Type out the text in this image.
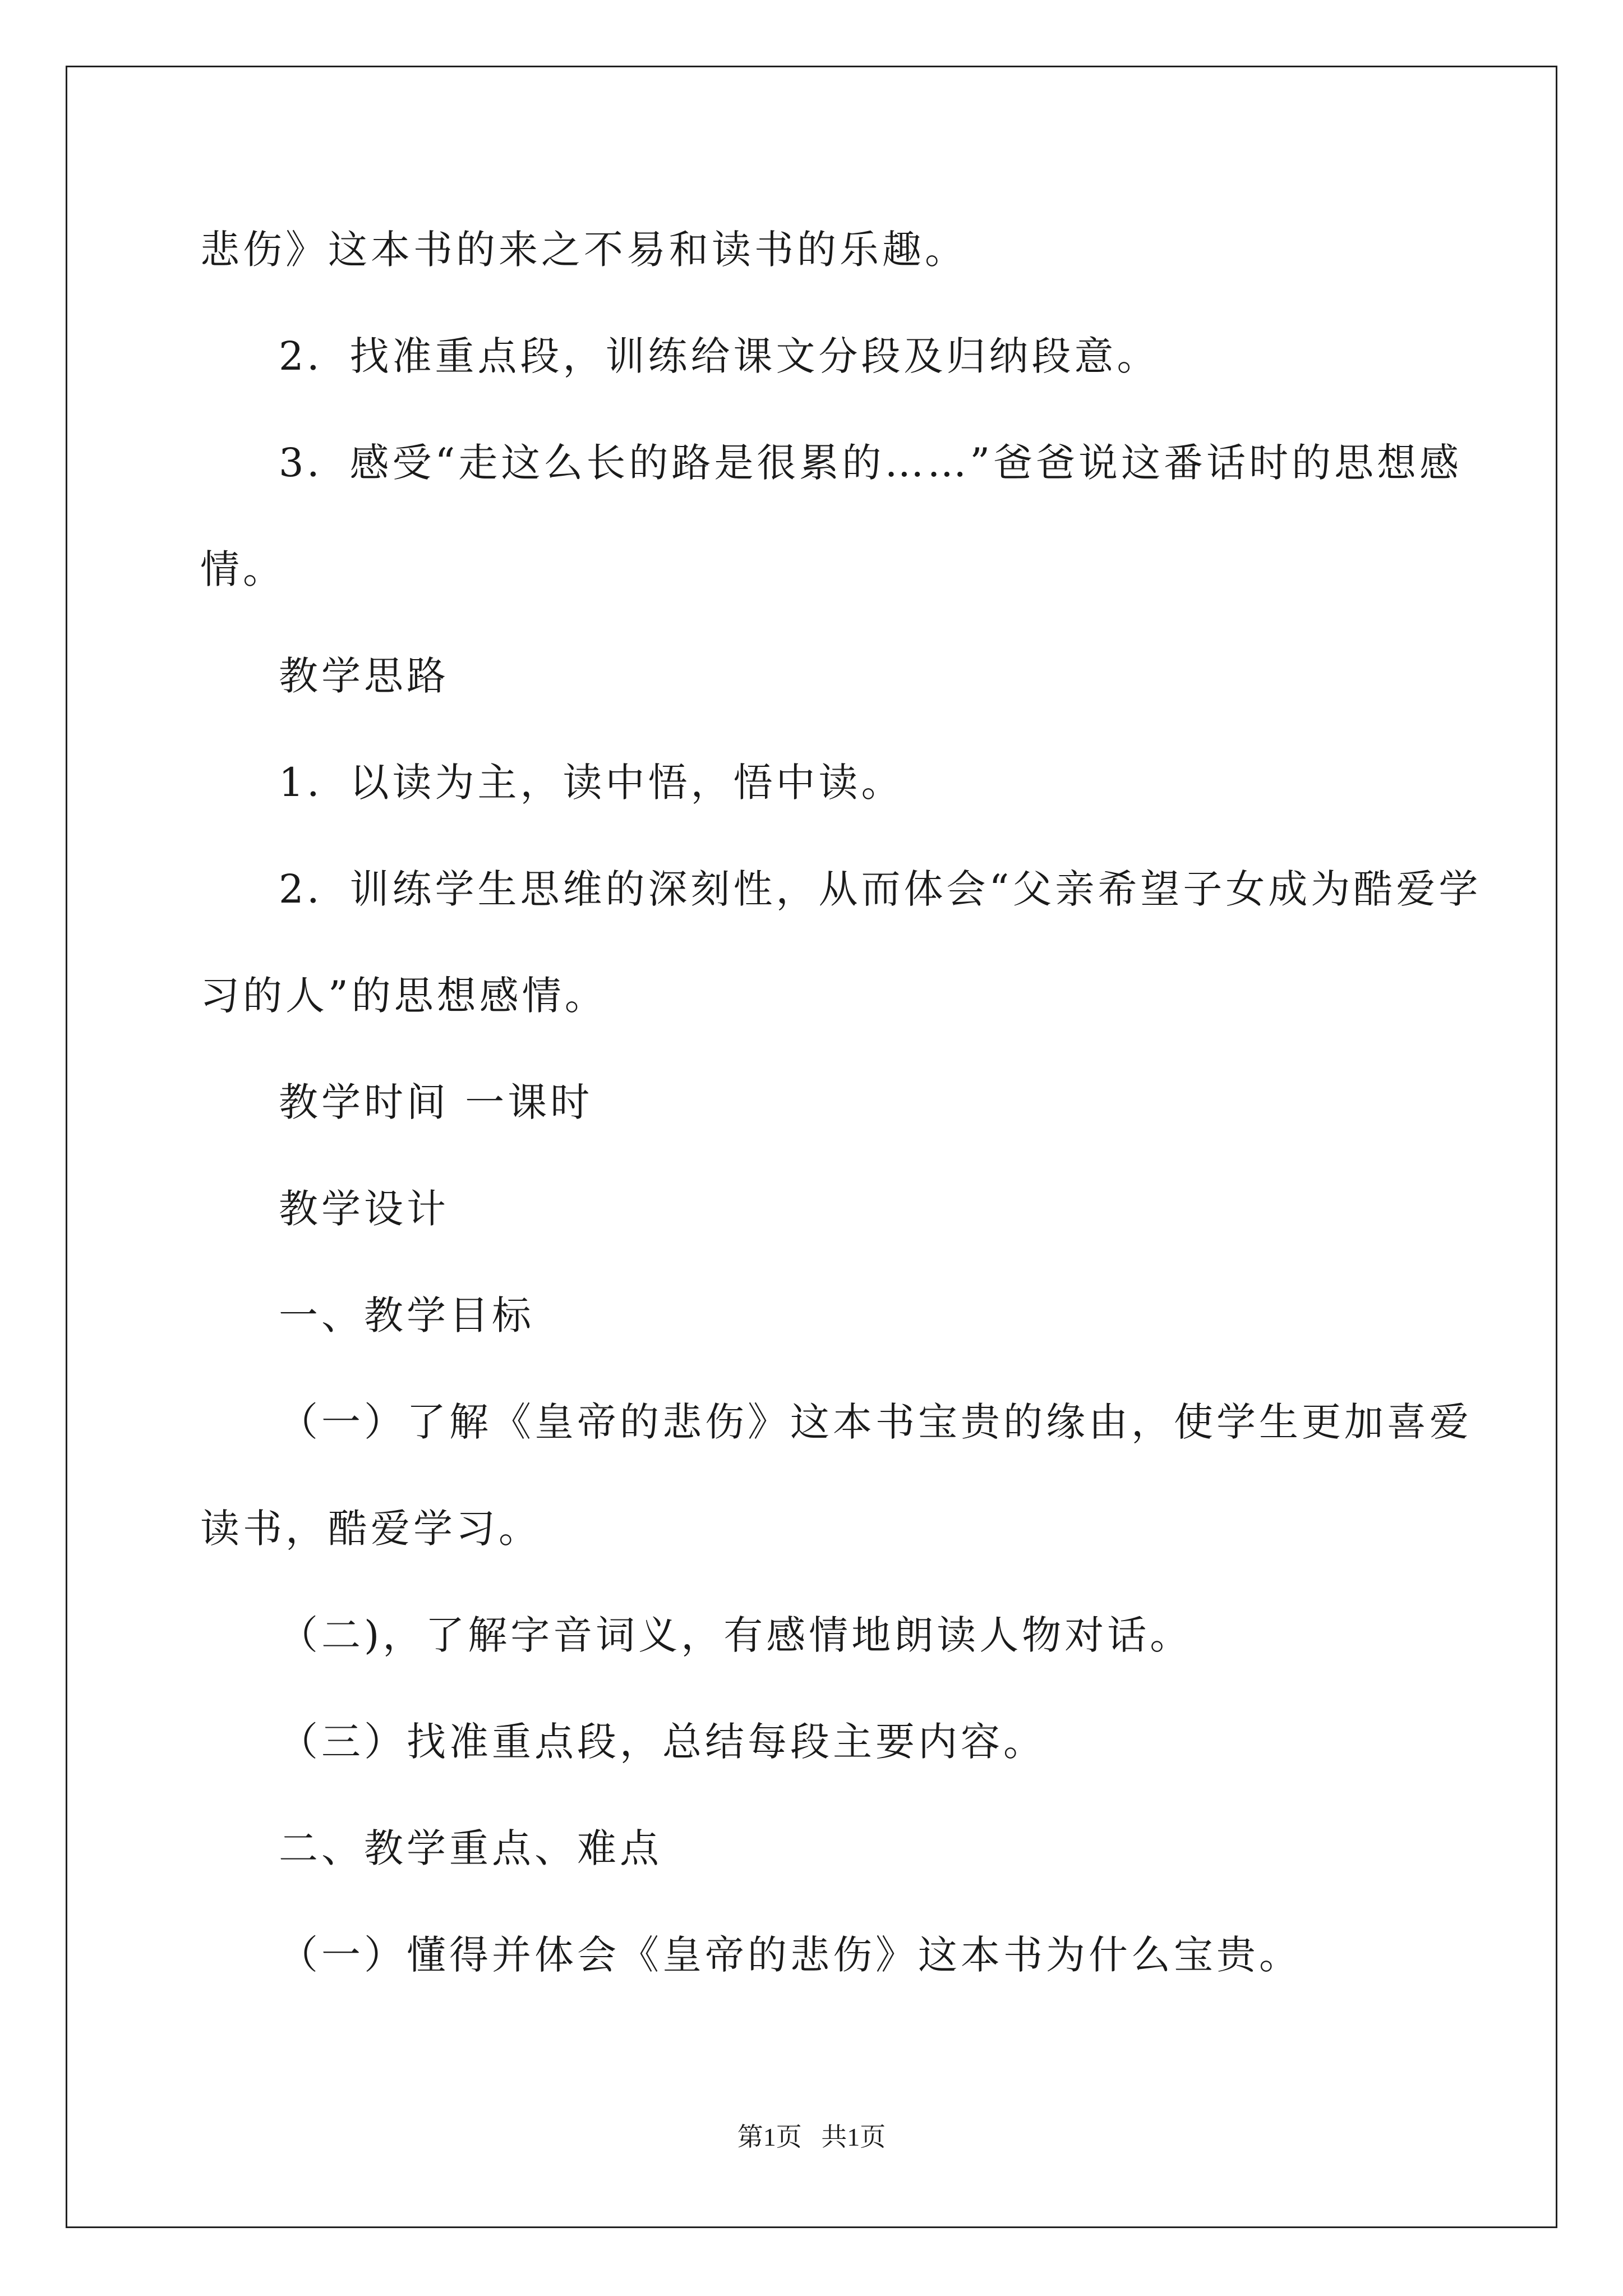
悲伤》这本书的来之不易和读书的乐趣。
2．找准重点段，训练给课文分段及归纳段意。
3．感受“走这么长的路是很累的……”爸爸说这番话时的思想感
情。
教学思路
1．以读为主，读中悟，悟中读。
2．训练学生思维的深刻性，从而体会“父亲希望子女成为酷爱学
习的人”的思想感情。
教学时间 一课时
教学设计
一、教学目标
（一）了解《皇帝的悲伤》这本书宝贵的缘由，使学生更加喜爱
读书，酷爱学习。
（二)，了解字音词义，有感情地朗读人物对话。
（三）找准重点段，总结每段主要内容。
二、教学重点、难点
（一）懂得并体会《皇帝的悲伤》这本书为什么宝贵。
第1页   共1页
